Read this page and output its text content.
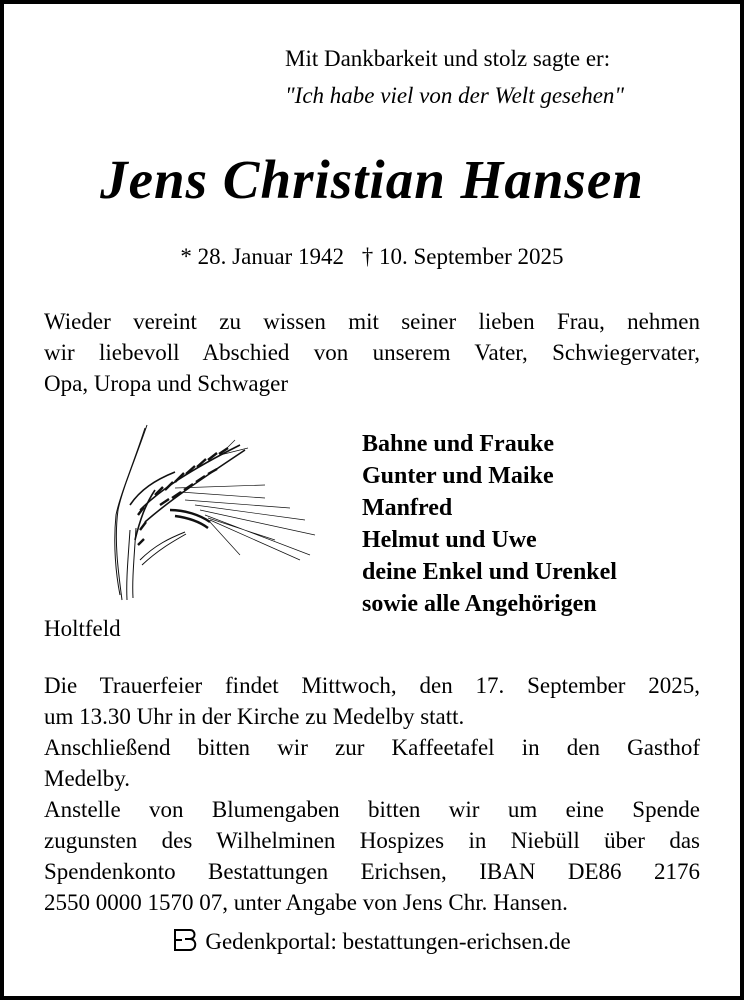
Mit Dankbarkeit und stolz sagte er:
"Ich habe viel von der Welt gesehen"
Jens Christian Hansen
* 28. Januar 1942 † 10. September 2025
Wieder vereint zu wissen mit seiner lieben Frau, nehmen
wir liebevoll Abschied von unserem Vater, Schwiegervater,
Opa, Uropa und Schwager
Bahne und Frauke
Gunter und Maike
Manfred
Helmut und Uwe
deine Enkel und Urenkel
sowie alle Angehörigen
Holtfeld
Die Trauerfeier findet Mittwoch, den 17. September 2025,
um 13.30 Uhr in der Kirche zu Medelby statt.
Anschließend bitten wir zur Kaffeetafel in den Gasthof
Medelby.
Anstelle von Blumengaben bitten wir um eine Spende
zugunsten des Wilhelminen Hospizes in Niebüll über das
Spendenkonto Bestattungen Erichsen, IBAN DE86 2176
2550 0000 1570 07, unter Angabe von Jens Chr. Hansen.
Gedenkportal: bestattungen-erichsen.de
